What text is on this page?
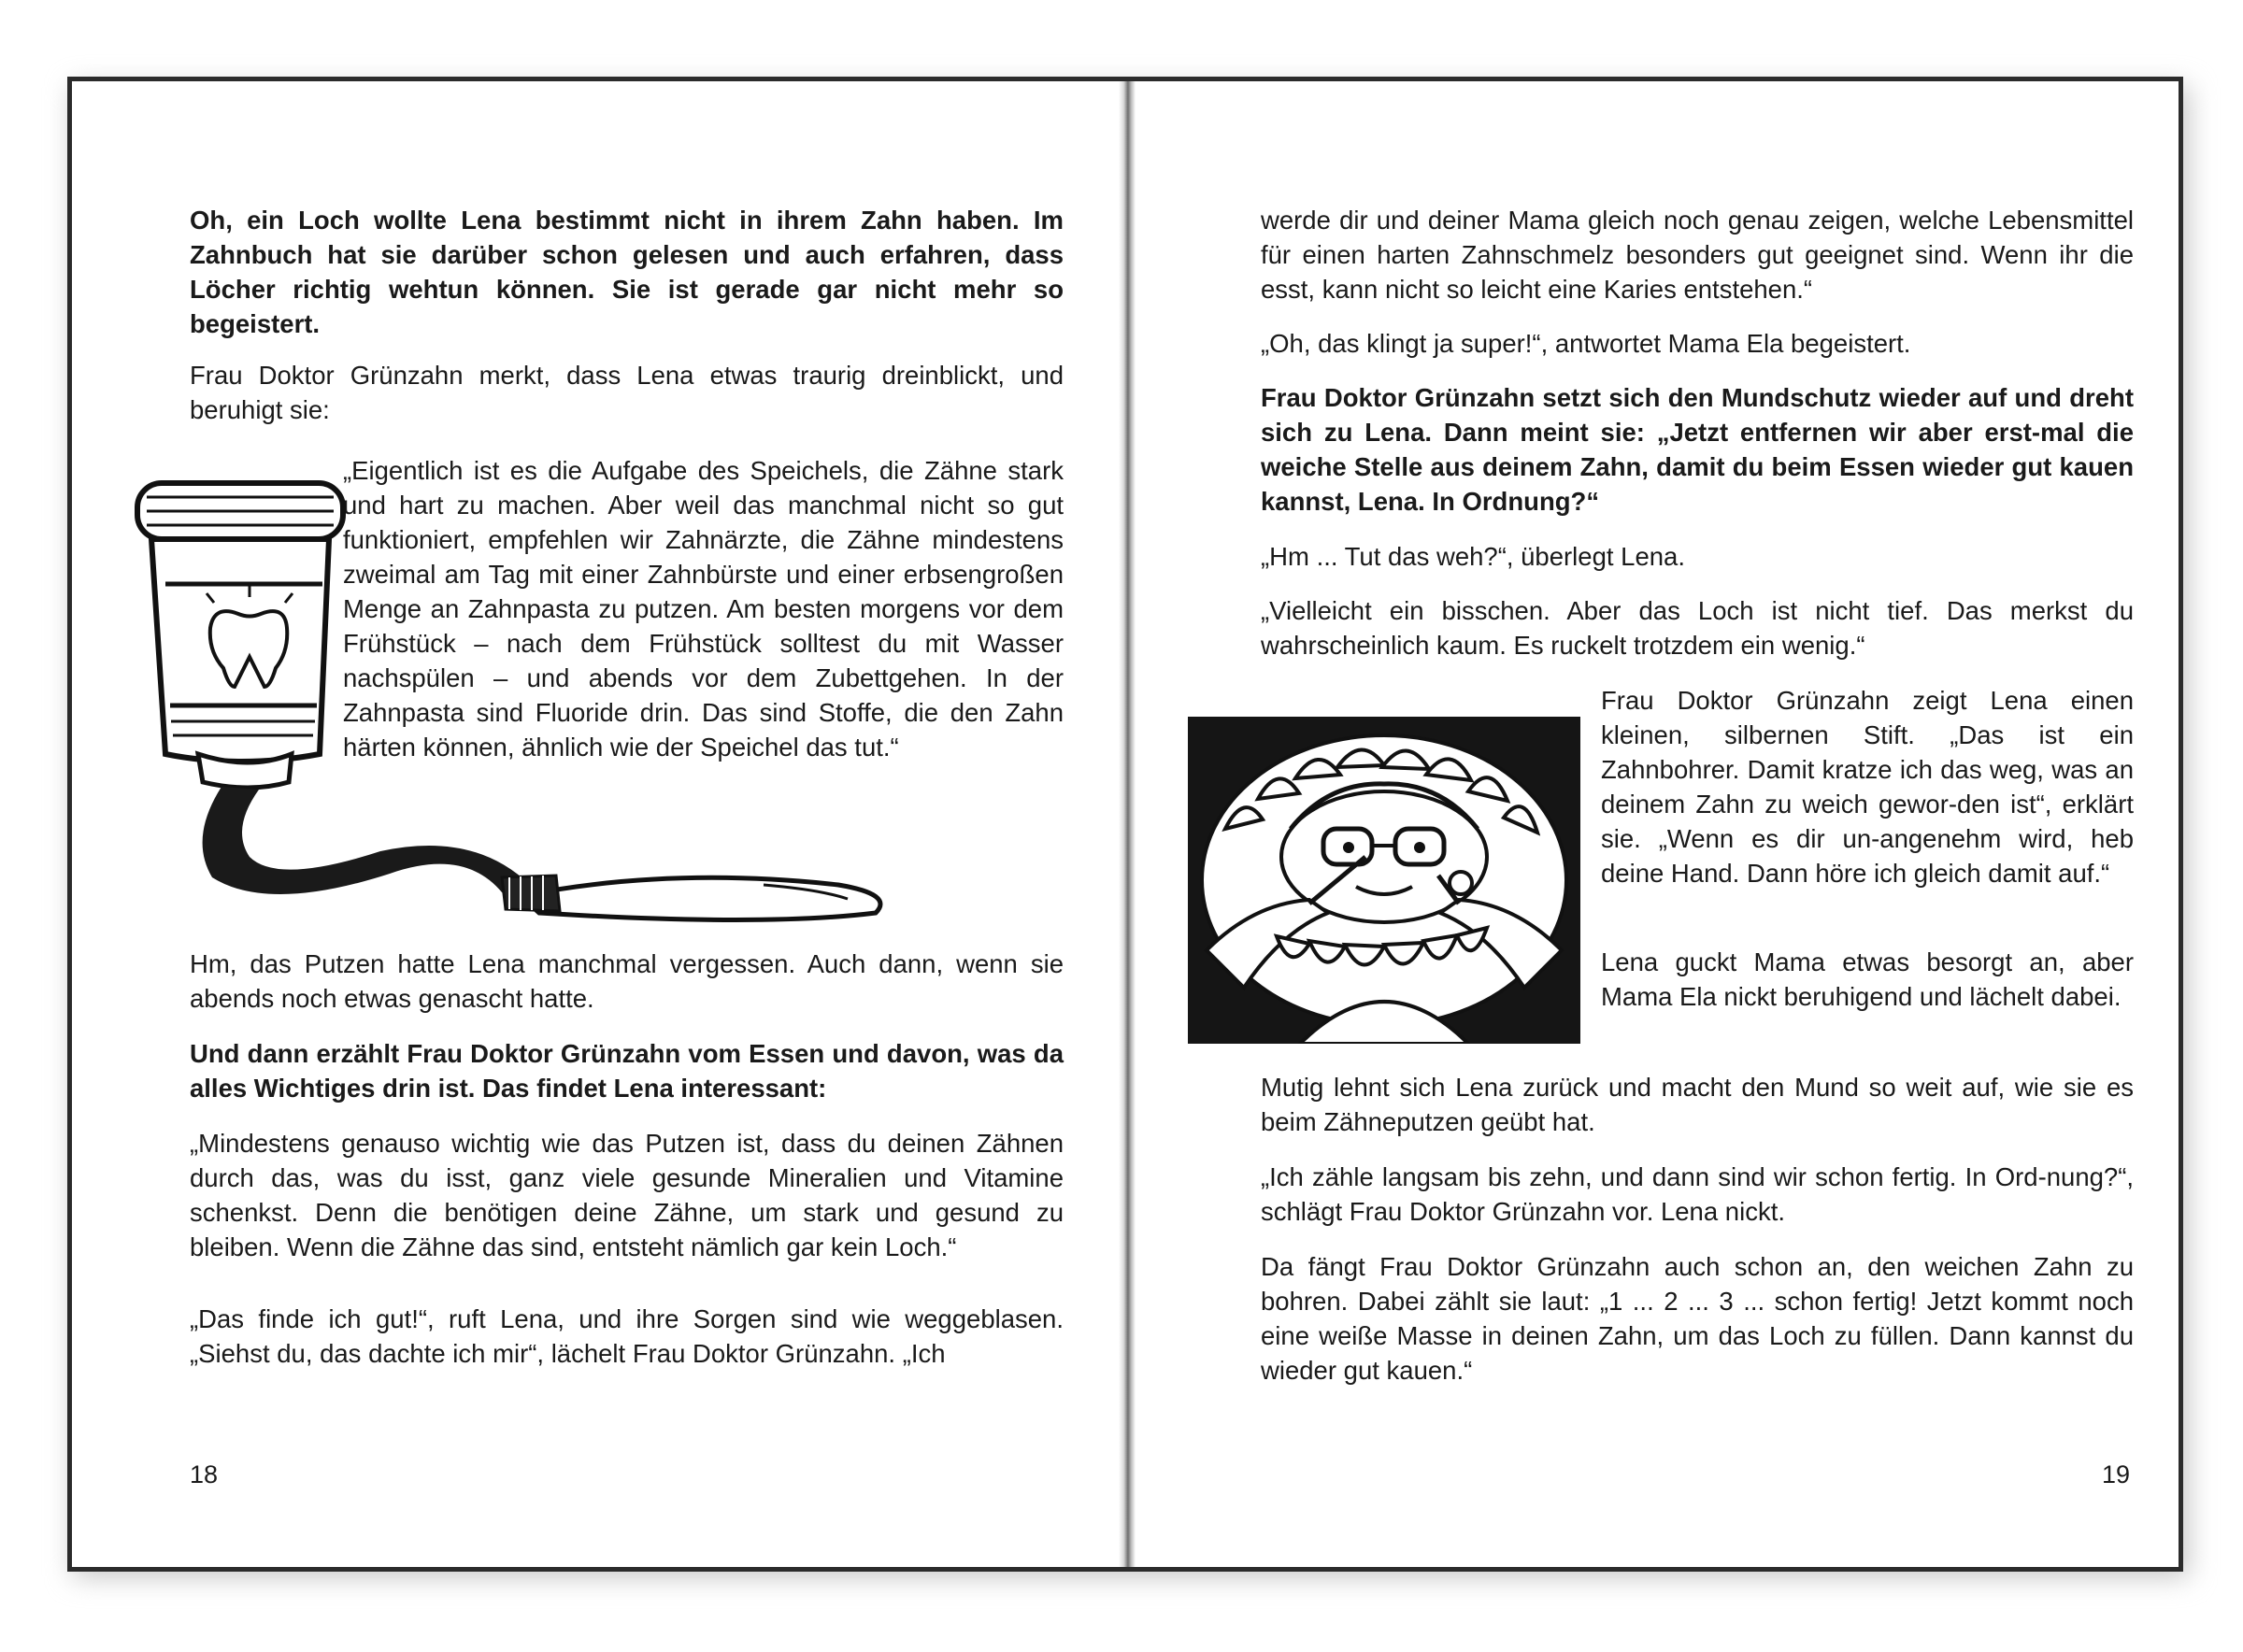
Oh, ein Loch wollte Lena bestimmt nicht in ihrem Zahn haben. Im Zahnbuch hat sie darüber schon gelesen und auch erfahren, dass Löcher richtig wehtun können. Sie ist gerade gar nicht mehr so begeistert.

Frau Doktor Grünzahn merkt, dass Lena etwas traurig dreinblickt, und beruhigt sie:

„Eigentlich ist es die Aufgabe des Speichels, die Zähne stark und hart zu machen. Aber weil das manchmal nicht so gut funktioniert, empfehlen wir Zahnärzte, die Zähne mindestens zweimal am Tag mit einer Zahnbürste und einer erbsengroßen Menge an Zahnpasta zu putzen. Am besten morgens vor dem Frühstück – nach dem Frühstück solltest du mit Wasser nachspülen – und abends vor dem Zubettgehen. In der Zahnpasta sind Fluoride drin. Das sind Stoffe, die den Zahn härten können, ähnlich wie der Speichel das tut.“

Hm, das Putzen hatte Lena manchmal vergessen. Auch dann, wenn sie abends noch etwas genascht hatte.

Und dann erzählt Frau Doktor Grünzahn vom Essen und davon, was da alles Wichtiges drin ist. Das findet Lena interessant:

„Mindestens genauso wichtig wie das Putzen ist, dass du deinen Zähnen durch das, was du isst, ganz viele gesunde Mineralien und Vitamine schenkst. Denn die benötigen deine Zähne, um stark und gesund zu bleiben. Wenn die Zähne das sind, entsteht nämlich gar kein Loch.“

„Das finde ich gut!“, ruft Lena, und ihre Sorgen sind wie weggeblasen. „Siehst du, das dachte ich mir“, lächelt Frau Doktor Grünzahn. „Ich

18

werde dir und deiner Mama gleich noch genau zeigen, welche Lebensmittel für einen harten Zahnschmelz besonders gut geeignet sind. Wenn ihr die esst, kann nicht so leicht eine Karies entstehen.“

„Oh, das klingt ja super!“, antwortet Mama Ela begeistert.

Frau Doktor Grünzahn setzt sich den Mundschutz wieder auf und dreht sich zu Lena. Dann meint sie: „Jetzt entfernen wir aber erst-mal die weiche Stelle aus deinem Zahn, damit du beim Essen wieder gut kauen kannst, Lena. In Ordnung?“

„Hm ... Tut das weh?“, überlegt Lena.

„Vielleicht ein bisschen. Aber das Loch ist nicht tief. Das merkst du wahrscheinlich kaum. Es ruckelt trotzdem ein wenig.“

Frau Doktor Grünzahn zeigt Lena einen kleinen, silbernen Stift. „Das ist ein Zahnbohrer. Damit kratze ich das weg, was an deinem Zahn zu weich gewor-den ist“, erklärt sie. „Wenn es dir un-angenehm wird, heb deine Hand. Dann höre ich gleich damit auf.“

Lena guckt Mama etwas besorgt an, aber Mama Ela nickt beruhigend und lächelt dabei.

Mutig lehnt sich Lena zurück und macht den Mund so weit auf, wie sie es beim Zähneputzen geübt hat.

„Ich zähle langsam bis zehn, und dann sind wir schon fertig. In Ord-nung?“, schlägt Frau Doktor Grünzahn vor. Lena nickt.

Da fängt Frau Doktor Grünzahn auch schon an, den weichen Zahn zu bohren. Dabei zählt sie laut: „1 ... 2 ... 3 ... schon fertig! Jetzt kommt noch eine weiße Masse in deinen Zahn, um das Loch zu füllen. Dann kannst du wieder gut kauen.“

19
